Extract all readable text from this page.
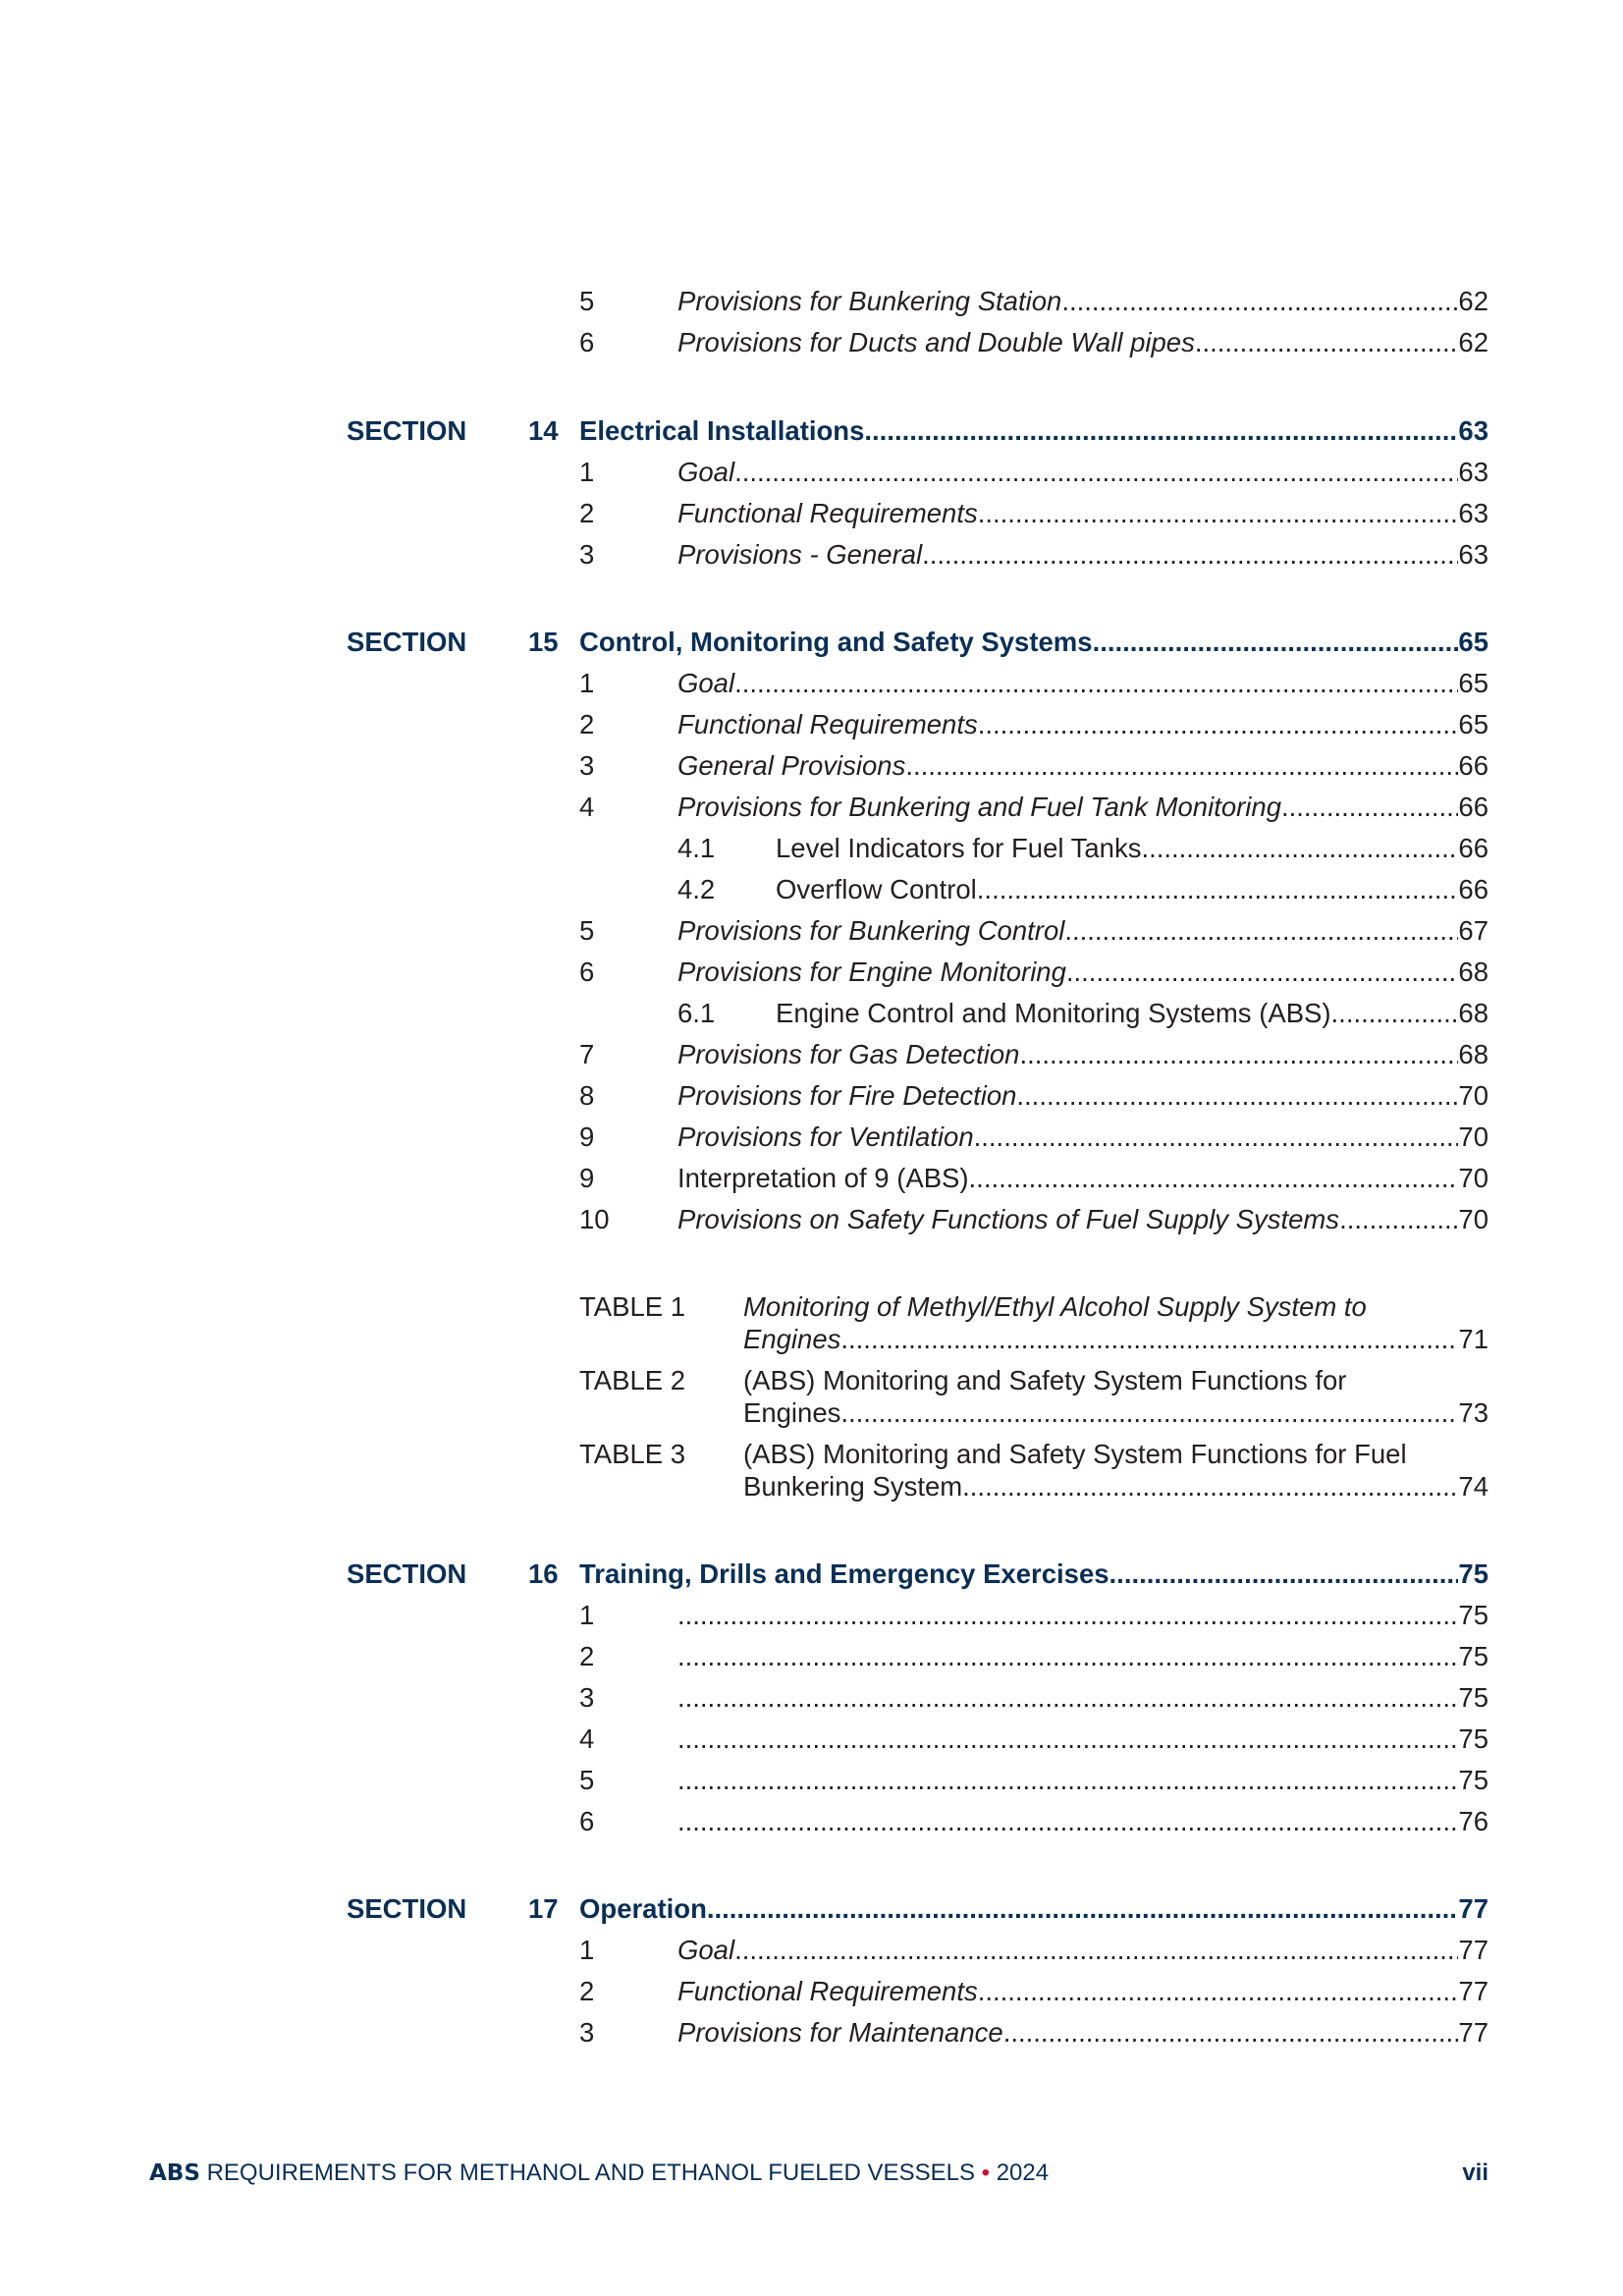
5	Provisions for Bunkering Station .....	62
6	Provisions for Ducts and Double Wall pipes .....	62
SECTION 14 Electrical Installations .....	63
1	Goal .....	63
2	Functional Requirements .....	63
3	Provisions - General .....	63
SECTION 15 Control, Monitoring and Safety Systems .....	65
1	Goal .....	65
2	Functional Requirements .....	65
3	General Provisions .....	66
4	Provisions for Bunkering and Fuel Tank Monitoring .....	66
4.1 Level Indicators for Fuel Tanks .....	66
4.2 Overflow Control .....	66
5	Provisions for Bunkering Control .....	67
6	Provisions for Engine Monitoring .....	68
6.1 Engine Control and Monitoring Systems (ABS) .....	68
7	Provisions for Gas Detection .....	68
8	Provisions for Fire Detection .....	70
9	Provisions for Ventilation .....	70
9	Interpretation of 9 (ABS) .....	70
10	Provisions on Safety Functions of Fuel Supply Systems .....	70
TABLE 1 Monitoring of Methyl/Ethyl Alcohol Supply System to
Engines .....	71
TABLE 2 (ABS) Monitoring and Safety System Functions for
Engines .....	73
TABLE 3 (ABS) Monitoring and Safety System Functions for Fuel
Bunkering System .....	74
SECTION 16 Training, Drills and Emergency Exercises .....	75
1 .....	75
2 .....	75
3 .....	75
4 .....	75
5 .....	75
6 .....	76
SECTION 17 Operation .....	77
1	Goal .....	77
2	Functional Requirements .....	77
3	Provisions for Maintenance .....	77
ABS REQUIREMENTS FOR METHANOL AND ETHANOL FUELED VESSELS • 2024	vii
